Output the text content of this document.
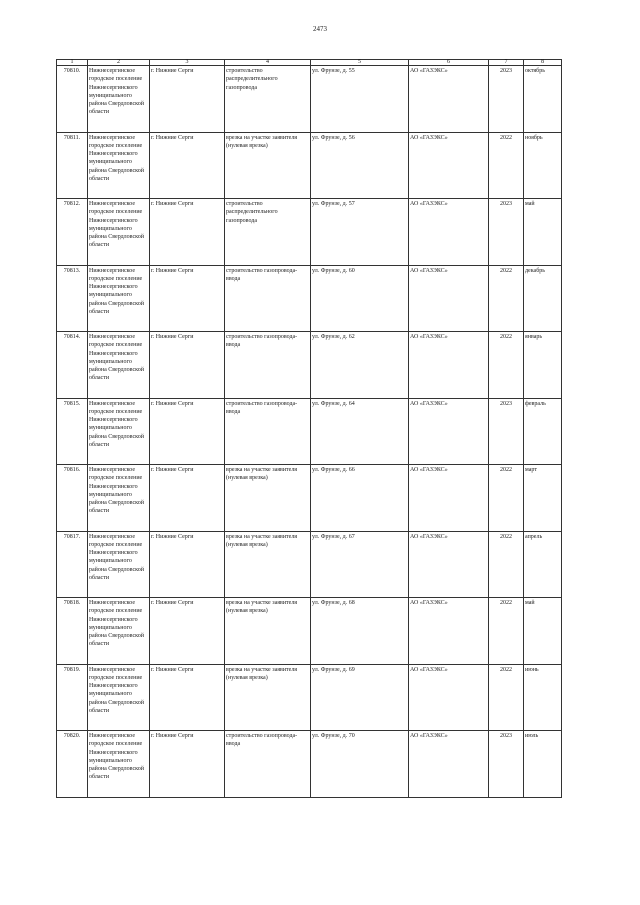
2473
1	2	3	4	5	6	7	8
70810.	Нижнесергинское городское поселение Нижнесергинского муниципального района Свердловской области	г. Нижние Серги	строительство распределительного газопровода	ул. Фрунзе, д. 55	АО «ГАЗЭКС»	2023	октябрь
70811.	Нижнесергинское городское поселение Нижнесергинского муниципального района Свердловской области	г. Нижние Серги	врезка на участке заявителя (нулевая врезка)	ул. Фрунзе, д. 56	АО «ГАЗЭКС»	2022	ноябрь
70812.	Нижнесергинское городское поселение Нижнесергинского муниципального района Свердловской области	г. Нижние Серги	строительство распределительного газопровода	ул. Фрунзе, д. 57	АО «ГАЗЭКС»	2023	май
70813.	Нижнесергинское городское поселение Нижнесергинского муниципального района Свердловской области	г. Нижние Серги	строительство газопровода-ввода	ул. Фрунзе, д. 60	АО «ГАЗЭКС»	2022	декабрь
70814.	Нижнесергинское городское поселение Нижнесергинского муниципального района Свердловской области	г. Нижние Серги	строительство газопровода-ввода	ул. Фрунзе, д. 62	АО «ГАЗЭКС»	2022	январь
70815.	Нижнесергинское городское поселение Нижнесергинского муниципального района Свердловской области	г. Нижние Серги	строительство газопровода-ввода	ул. Фрунзе, д. 64	АО «ГАЗЭКС»	2023	февраль
70816.	Нижнесергинское городское поселение Нижнесергинского муниципального района Свердловской области	г. Нижние Серги	врезка на участке заявителя (нулевая врезка)	ул. Фрунзе, д. 66	АО «ГАЗЭКС»	2022	март
70817.	Нижнесергинское городское поселение Нижнесергинского муниципального района Свердловской области	г. Нижние Серги	врезка на участке заявителя (нулевая врезка)	ул. Фрунзе, д. 67	АО «ГАЗЭКС»	2022	апрель
70818.	Нижнесергинское городское поселение Нижнесергинского муниципального района Свердловской области	г. Нижние Серги	врезка на участке заявителя (нулевая врезка)	ул. Фрунзе, д. 68	АО «ГАЗЭКС»	2022	май
70819.	Нижнесергинское городское поселение Нижнесергинского муниципального района Свердловской области	г. Нижние Серги	врезка на участке заявителя (нулевая врезка)	ул. Фрунзе, д. 69	АО «ГАЗЭКС»	2022	июнь
70820.	Нижнесергинское городское поселение Нижнесергинского муниципального района Свердловской области	г. Нижние Серги	строительство газопровода-ввода	ул. Фрунзе, д. 70	АО «ГАЗЭКС»	2023	июль
